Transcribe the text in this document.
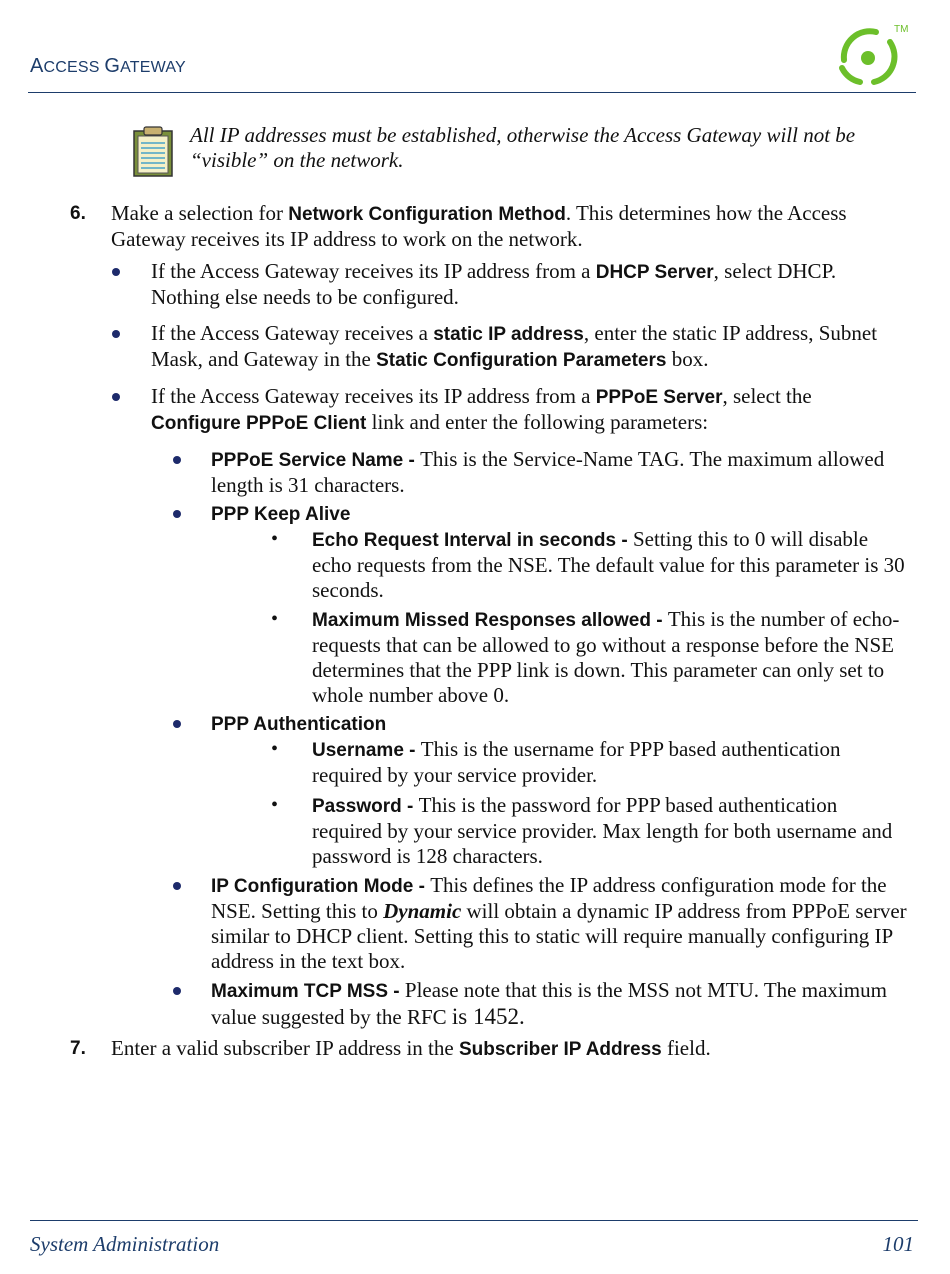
ACCESS GATEWAY
TM
All IP addresses must be established, otherwise the Access Gateway will not be “visible” on the network.
6. Make a selection for Network Configuration Method. This determines how the Access Gateway receives its IP address to work on the network.
If the Access Gateway receives its IP address from a DHCP Server, select DHCP. Nothing else needs to be configured.
If the Access Gateway receives a static IP address, enter the static IP address, Subnet Mask, and Gateway in the Static Configuration Parameters box.
If the Access Gateway receives its IP address from a PPPoE Server, select the Configure PPPoE Client link and enter the following parameters:
PPPoE Service Name - This is the Service-Name TAG. The maximum allowed length is 31 characters.
PPP Keep Alive
• Echo Request Interval in seconds - Setting this to 0 will disable echo requests from the NSE. The default value for this parameter is 30 seconds.
• Maximum Missed Responses allowed - This is the number of echo-requests that can be allowed to go without a response before the NSE determines that the PPP link is down. This parameter can only set to whole number above 0.
PPP Authentication
• Username - This is the username for PPP based authentication required by your service provider.
• Password - This is the password for PPP based authentication required by your service provider. Max length for both username and password is 128 characters.
IP Configuration Mode - This defines the IP address configuration mode for the NSE. Setting this to Dynamic will obtain a dynamic IP address from PPPoE server similar to DHCP client. Setting this to static will require manually configuring IP address in the text box.
Maximum TCP MSS - Please note that this is the MSS not MTU. The maximum value suggested by the RFC is 1452.
7. Enter a valid subscriber IP address in the Subscriber IP Address field.
System Administration	101
